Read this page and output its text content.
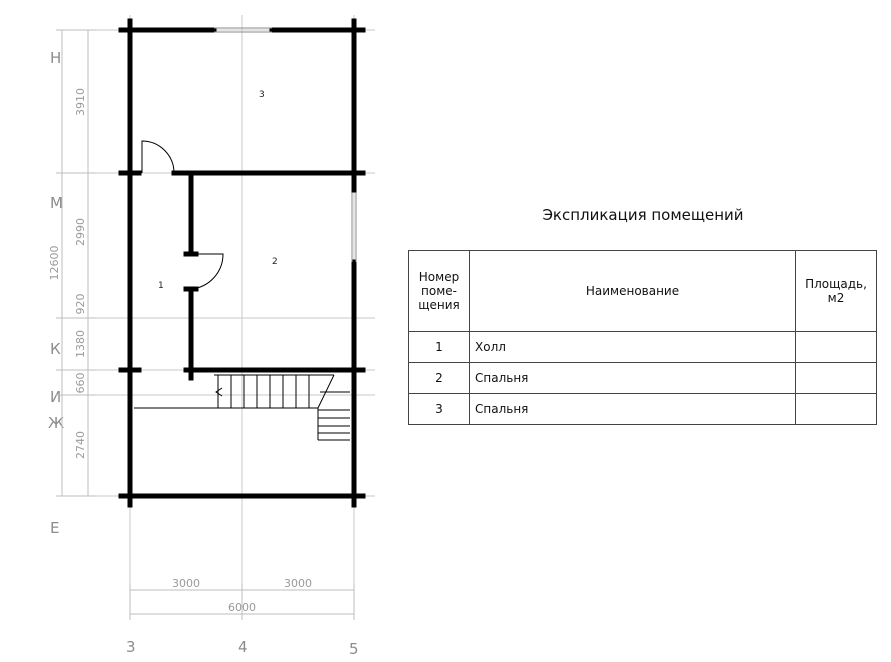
Н
М
К
И
Ж
Е
3	4	5
3910
2990
920
1380
660
2740
12600
3000	3000
6000
1
2
3
Экспликация помещений
Номер поме- щения	Наименование	Площадь, м2
1	Холл	
2	Спальня	
3	Спальня	
